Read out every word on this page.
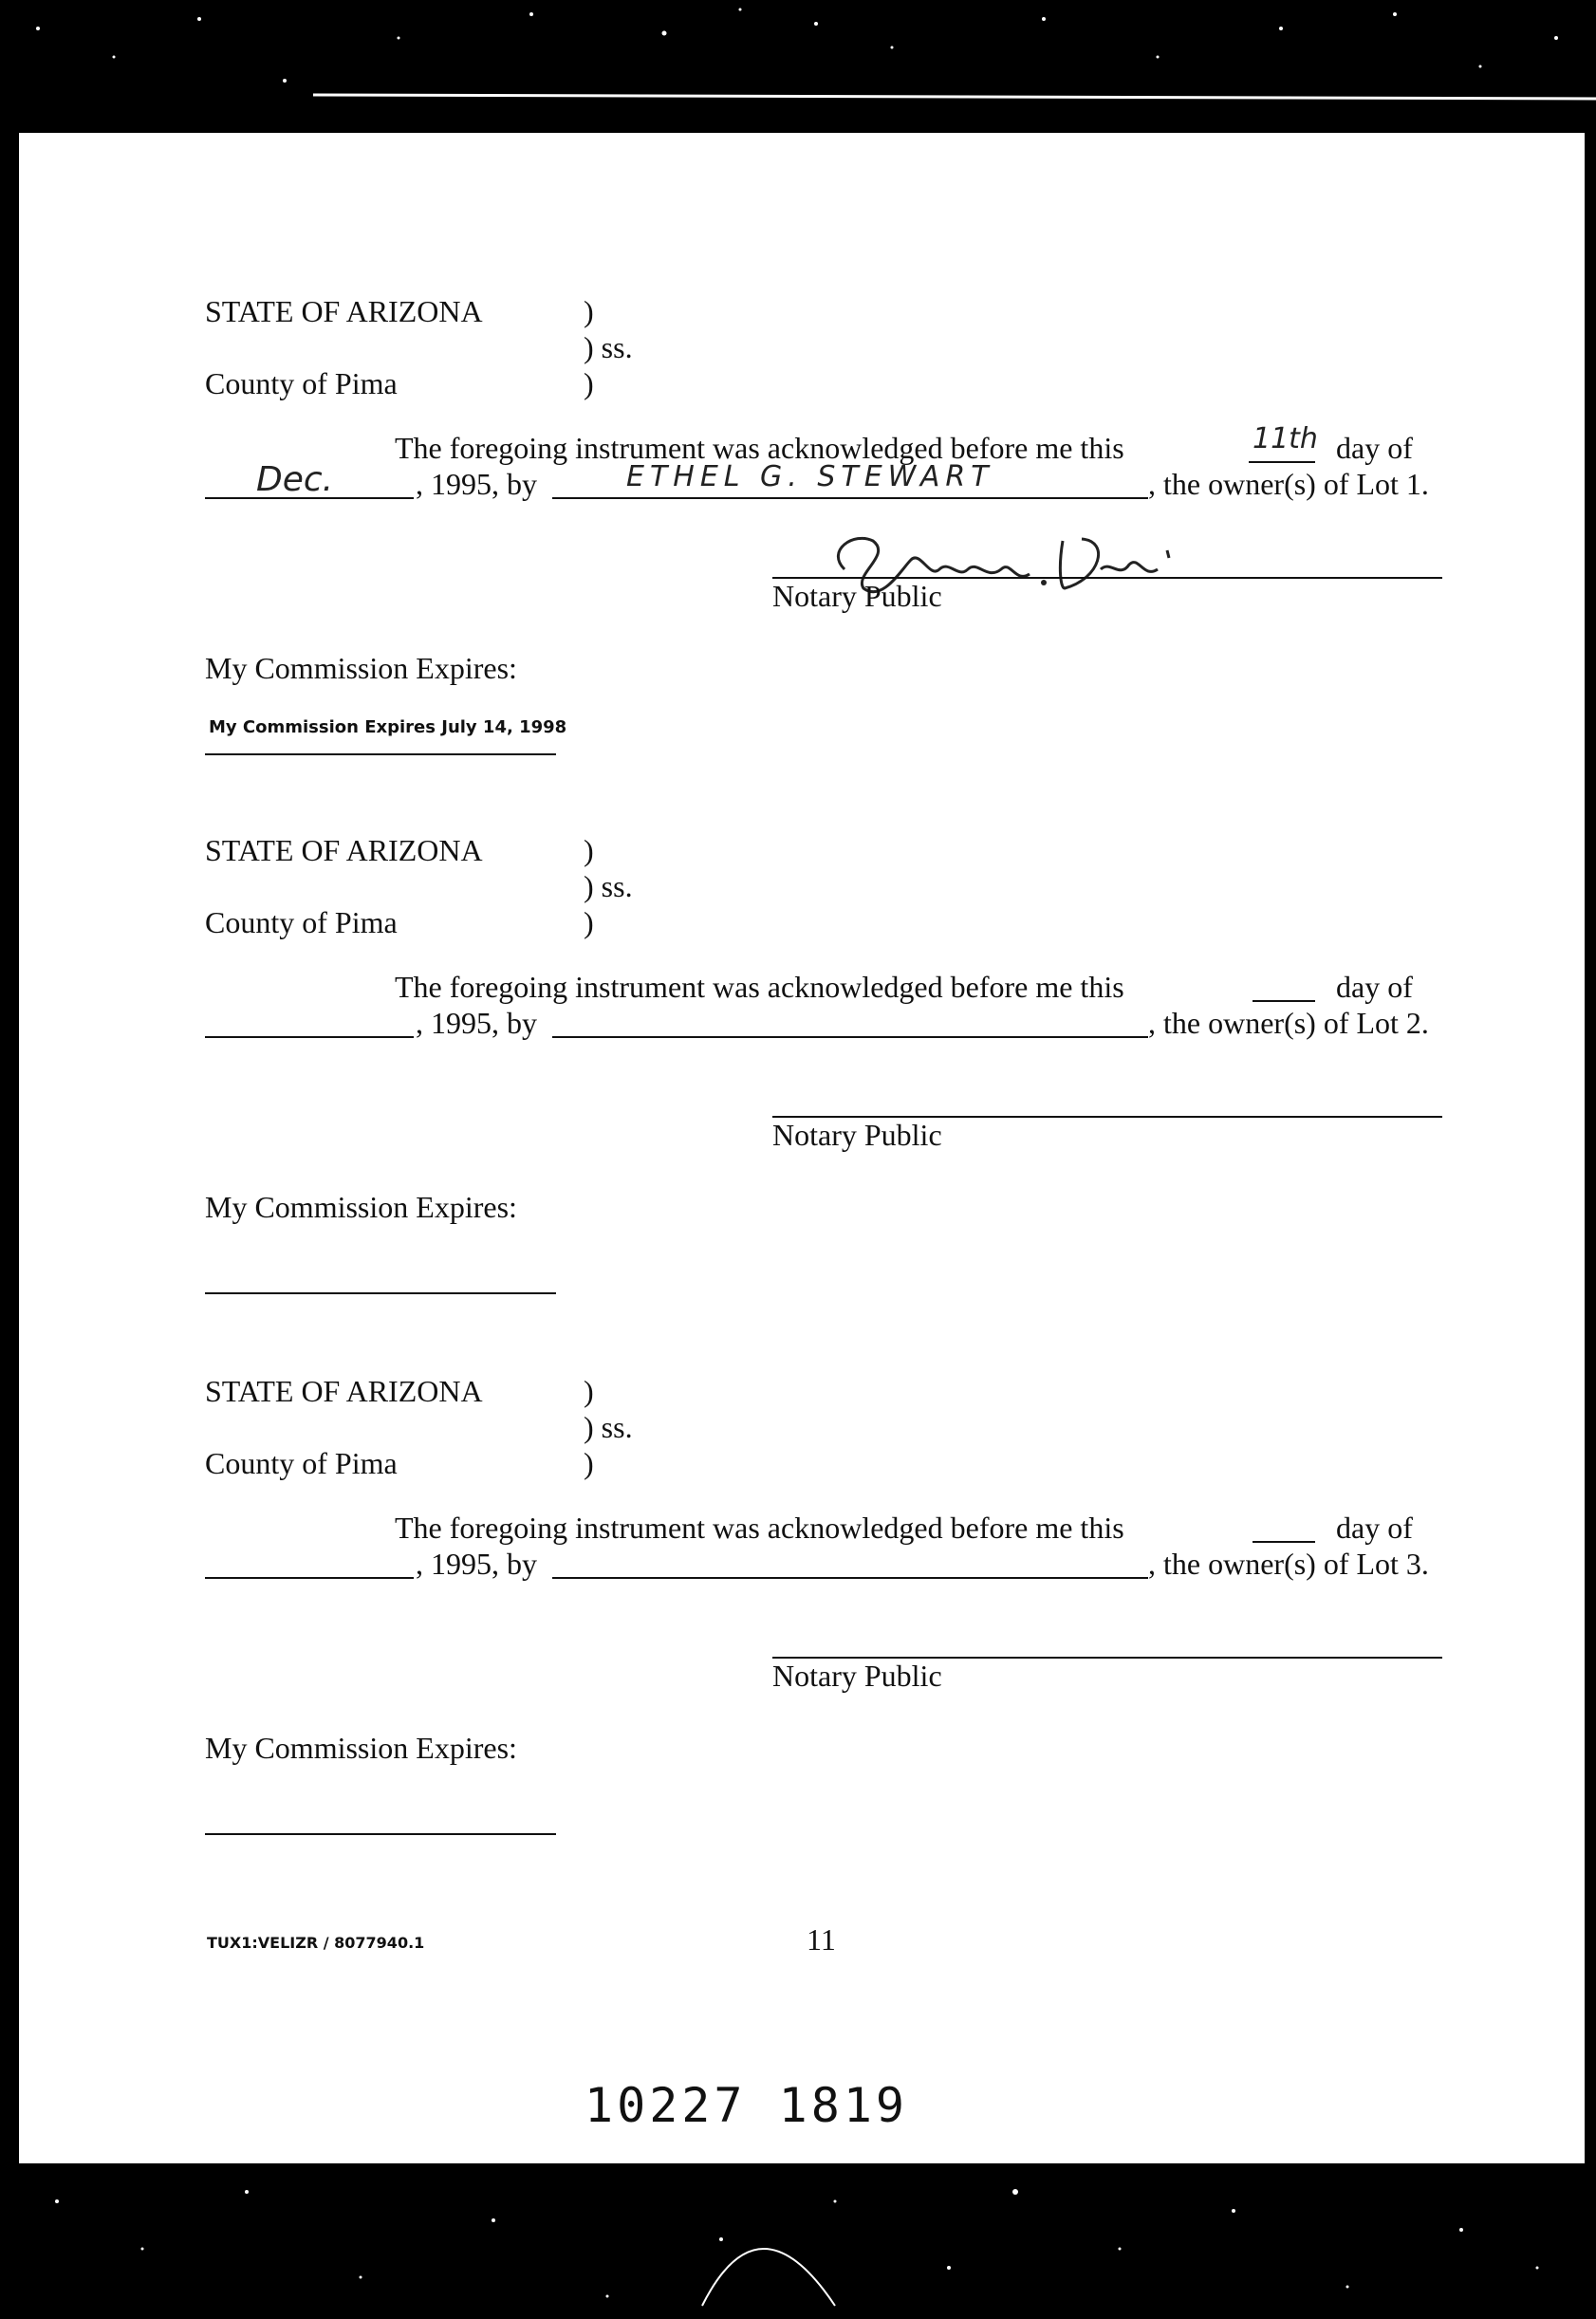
STATE OF ARIZONA	)
) ss.
County of Pima	)
The foregoing instrument was acknowledged before me this	11th day of
Dec.	, 1995, by	ETHEL G. STEWART	, the owner(s) of Lot 1.
Notary Public
My Commission Expires:
My Commission Expires July 14, 1998
STATE OF ARIZONA	)
) ss.
County of Pima	)
The foregoing instrument was acknowledged before me this	day of
, 1995, by	, the owner(s) of Lot 2.
Notary Public
My Commission Expires:
STATE OF ARIZONA	)
) ss.
County of Pima	)
The foregoing instrument was acknowledged before me this	day of
, 1995, by	, the owner(s) of Lot 3.
Notary Public
My Commission Expires:
TUX1:VELIZR / 8077940.1	11
10227 1819
